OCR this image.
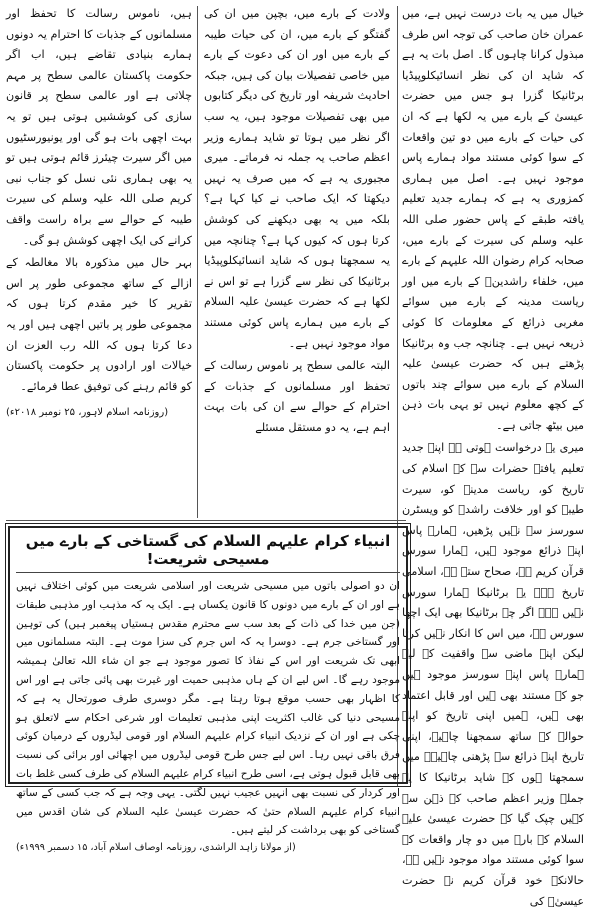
خیال میں یہ بات درست نہیں ہے، میں عمران خان صاحب کی توجہ اس طرف مبذول کرانا چاہوں گا۔ اصل بات یہ ہے کہ شاید ان کی نظر انسائیکلوپیڈیا برٹانیکا گزرا ہو جس میں حضرت عیسیٰ کے بارے میں یہ لکھا ہے کہ ان کی حیات کے بارے میں دو تین واقعات کے سوا کوئی مستند مواد ہمارے پاس موجود نہیں ہے۔ اصل میں ہماری کمزوری یہ ہے کہ ہمارے جدید تعلیم یافتہ طبقے کے پاس حضور صلی اللہ علیہ وسلم کی سیرت کے بارے میں، صحابہ کرام رضوان اللہ علیہم کے بارے میں، خلفاء راشدینؓ کے بارے میں اور ریاست مدینہ کے بارے میں سوائے مغربی ذرائع کے معلومات کا کوئی ذریعہ نہیں ہے۔ چنانچہ جب وہ برٹانیکا پڑھتے ہیں کہ حضرت عیسیٰ علیہ السلام کے بارے میں سوائے چند باتوں کے کچھ معلوم نہیں تو یہی بات ذہن میں بیٹھ جاتی ہے۔

میری یہ درخواست ہوتی ہے اپنے جدید تعلیم یافتہ حضرات سے کہ اسلام کی تاریخ کو، ریاست مدینہ کو، سیرت طیبہ کو اور خلافت راشدہ کو ویسٹرن سورسز سے نہیں پڑھیں، ہمارے پاس اپنے ذرائع موجود ہیں، ہمارا سورس قرآن کریم ہے، صحاح ستہ ہے، اسلامی تاریخ ہے۔ یہ برٹانیکا ہمارا سورس نہیں ہے۔ اگر چہ برٹانیکا بھی ایک اچھا سورس ہے، میں اس کا انکار نہیں کرتا لیکن اپنے ماضی سے واقفیت کے لیے ہمارے پاس اپنے سورسز موجود ہیں جو کہ مستند بھی ہیں اور قابل اعتماد بھی ہیں، ہمیں اپنی تاریخ کو اپنے حوالے کے ساتھ سمجھنا چاہیے، اپنی تاریخ اپنے ذرائع سے پڑھنی چاہیے۔ میں سمجھتا ہوں کہ شاید برٹانیکا کا یہ جملہ وزیر اعظم صاحب کے ذہن سے کہیں چپک گیا کہ حضرت عیسیٰ علیہ السلام کے بارے میں دو چار واقعات کے سوا کوئی مستند مواد موجود نہیں ہے، حالانکہ خود قرآن کریم نے حضرت عیسیٰؑ کی

ولادت کے بارے میں، بچپن میں ان کی گفتگو کے بارے میں، ان کی حیات طیبہ کے بارے میں اور ان کی دعوت کے بارے میں خاصی تفصیلات بیان کی ہیں، جبکہ احادیث شریفہ اور تاریخ کی دیگر کتابوں میں بھی تفصیلات موجود ہیں، یہ سب اگر نظر میں ہوتا تو شاید ہمارے وزیر اعظم صاحب یہ جملہ نہ فرماتے۔ میری مجبوری یہ ہے کہ میں صرف یہ نہیں دیکھتا کہ ایک صاحب نے کیا کہا ہے؟ بلکہ میں یہ بھی دیکھنے کی کوشش کرتا ہوں کہ کیوں کہا ہے؟ چنانچہ میں یہ سمجھتا ہوں کہ شاید انسائیکلوپیڈیا برٹانیکا کی نظر سے گزرا ہے تو اس نے لکھا ہے کہ حضرت عیسیٰ علیہ السلام کے بارے میں ہمارے پاس کوئی مستند مواد موجود نہیں ہے۔

البتہ عالمی سطح پر ناموس رسالت کے تحفظ اور مسلمانوں کے جذبات کے احترام کے حوالے سے ان کی بات بہت اہم ہے، یہ دو مستقل مسئلے

ہیں، ناموس رسالت کا تحفظ اور مسلمانوں کے جذبات کا احترام یہ دونوں ہمارے بنیادی تقاضے ہیں، اب اگر حکومت پاکستان عالمی سطح پر مہم چلاتی ہے اور عالمی سطح پر قانون سازی کی کوششیں ہوتی ہیں تو یہ بہت اچھی بات ہو گی اور یونیورسٹیوں میں اگر سیرت چیئرز قائم ہوتی ہیں تو یہ بھی ہماری نئی نسل کو جناب نبی کریم صلی اللہ علیہ وسلم کی سیرت طیبہ کے حوالے سے براہ راست واقف کرانے کی ایک اچھی کوشش ہو گی۔

بہر حال میں مذکورہ بالا مغالطہ کے ازالے کے ساتھ مجموعی طور پر اس تقریر کا خیر مقدم کرتا ہوں کہ مجموعی طور پر باتیں اچھی ہیں اور یہ دعا کرتا ہوں کہ اللہ رب العزت ان خیالات اور ارادوں پر حکومت پاکستان کو قائم رہنے کی توفیق عطا فرمائے۔

(روزنامہ اسلام لاہور، ۲۵ نومبر ۲۰۱۸ء)
انبیاء کرام علیہم السلام کی گستاخی کے بارے میں مسیحی شریعت!

ان دو اصولی باتوں میں مسیحی شریعت اور اسلامی شریعت میں کوئی اختلاف نہیں ہے اور ان کے بارے میں دونوں کا قانون یکساں ہے۔ ایک یہ کہ مذہب اور مذہبی طبقات (جن میں خدا کی ذات کے بعد سب سے محترم مقدس ہستیاں پیغمبر ہیں) کی توہین اور گستاخی جرم ہے۔ دوسرا یہ کہ اس جرم کی سزا موت ہے۔ البتہ مسلمانوں میں ابھی تک شریعت اور اس کے نفاذ کا تصور موجود ہے جو ان شاء اللہ تعالیٰ ہمیشہ موجود رہے گا۔ اس لیے ان کے ہاں مذہبی حمیت اور غیرت بھی پائی جاتی ہے اور اس کا اظہار بھی حسب موقع ہوتا رہتا ہے۔ مگر دوسری طرف صورتحال یہ ہے کہ مسیحی دنیا کی غالب اکثریت اپنی مذہبی تعلیمات اور شرعی احکام سے لاتعلق ہو چکی ہے اور ان کے نزدیک انبیاء کرام علیہم السلام اور قومی لیڈروں کے درمیان کوئی فرق باقی نہیں رہا۔ اس لیے جس طرح قومی لیڈروں میں اچھائی اور برائی کی نسبت بھی قابل قبول ہوتی ہے، اسی طرح انبیاء کرام علیہم السلام کی طرف کسی غلط بات اور کردار کی نسبت بھی انہیں عجیب نہیں لگتی۔ یہی وجہ ہے کہ جب کسی کے ساتھ انبیاء کرام علیہم السلام حتیٰ کہ حضرت عیسیٰ علیہ السلام کی شان اقدس میں گستاخی کو بھی برداشت کر لیتے ہیں۔

(از مولانا زاہد الراشدی، روزنامہ اوصاف اسلام آباد، ۱۵ دسمبر ۱۹۹۹ء)
